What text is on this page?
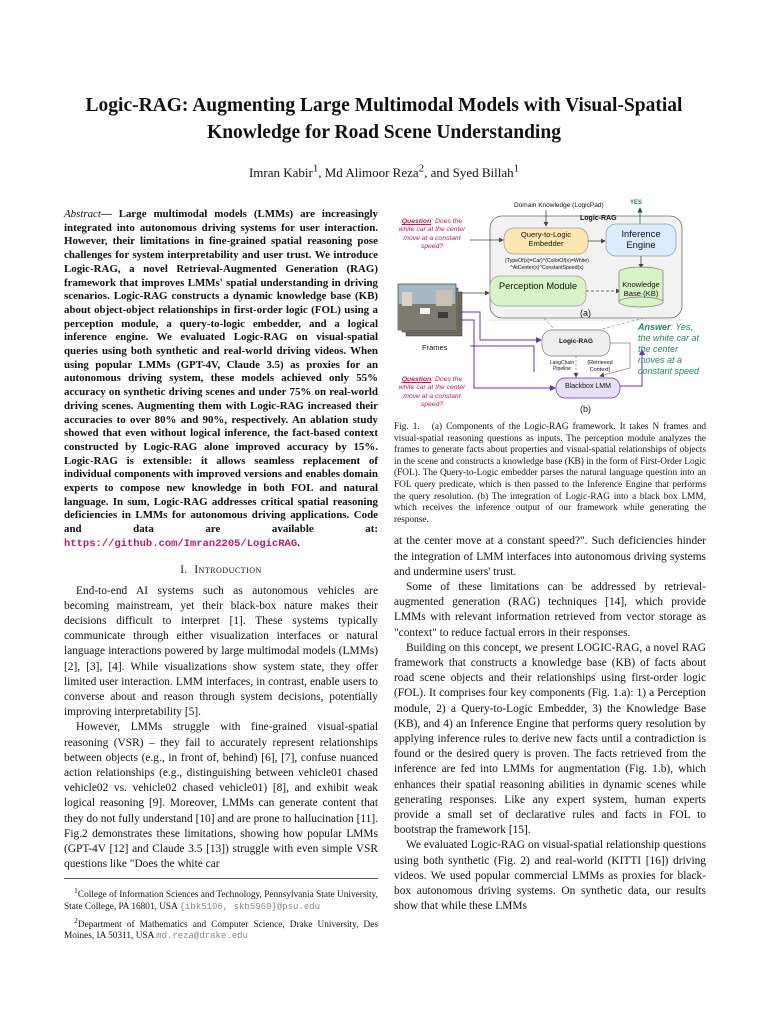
Logic-RAG: Augmenting Large Multimodal Models with Visual-Spatial Knowledge for Road Scene Understanding
Imran Kabir$^1$, Md Alimoor Reza$^2$, and Syed Billah$^1$
Abstract— Large multimodal models (LMMs) are increasingly integrated into autonomous driving systems for user interaction. However, their limitations in fine-grained spatial reasoning pose challenges for system interpretability and user trust. We introduce Logic-RAG, a novel Retrieval-Augmented Generation (RAG) framework that improves LMMs' spatial understanding in driving scenarios. Logic-RAG constructs a dynamic knowledge base (KB) about object-object relationships in first-order logic (FOL) using a perception module, a query-to-logic embedder, and a logical inference engine. We evaluated Logic-RAG on visual-spatial queries using both synthetic and real-world driving videos. When using popular LMMs (GPT-4V, Claude 3.5) as proxies for an autonomous driving system, these models achieved only 55% accuracy on synthetic driving scenes and under 75% on real-world driving scenes. Augmenting them with Logic-RAG increased their accuracies to over 80% and 90%, respectively. An ablation study showed that even without logical inference, the fact-based context constructed by Logic-RAG alone improved accuracy by 15%. Logic-RAG is extensible: it allows seamless replacement of individual components with improved versions and enables domain experts to compose new knowledge in both FOL and natural language. In sum, Logic-RAG addresses critical spatial reasoning deficiencies in LMMs for autonomous driving applications. Code and data are available at: https://github.com/Imran2205/LogicRAG.
I. Introduction

End-to-end AI systems such as autonomous vehicles are becoming mainstream, yet their black-box nature makes their decisions difficult to interpret [1]. These systems typically communicate through either visualization interfaces or natural language interactions powered by large multimodal models (LMMs) [2], [3], [4]. While visualizations show system state, they offer limited user interaction. LMM interfaces, in contrast, enable users to converse about and reason through system decisions, potentially improving interpretability [5].

However, LMMs struggle with fine-grained visual-spatial reasoning (VSR) – they fail to accurately represent relationships between objects (e.g., in front of, behind) [6], [7], confuse nuanced action relationships (e.g., distinguishing between vehicle01 chased vehicle02 vs. vehicle02 chased vehicle01) [8], and exhibit weak logical reasoning [9]. Moreover, LMMs can generate content that they do not fully understand [10] and are prone to hallucination [11]. Fig.2 demonstrates these limitations, showing how popular LMMs (GPT-4V [12] and Claude 3.5 [13]) struggle with even simple VSR questions like "Does the white car

$^1$College of Information Sciences and Technology, Pennsylvania State University, State College, PA 16801, USA {ibk5106, skb5969}@psu.edu

$^2$Department of Mathematics and Computer Science, Drake University, Des Moines, IA 50311, USA md.reza@drake.edu

Domain Knowledge (LogicPad)	YES
Logic-RAG
Question: Does the white car at the center move at a constant speed?
Query-to-Logic Embedder
Inference Engine
(TypeOf(x)=Car)^(ColorOf(x)=White)
^AtCenter(x)^ConstantSpeed(x)
Perception Module	Knowledge Base (KB)
(a)
Frames
Logic-RAG
Answer: Yes, the white car at the center moves at a constant speed
LangChain Pipeline
{Retrieved Context}
Blackbox LMM
Question: Does the white car at the center move at a constant speed?	(b)
Fig. 1. (a) Components of the Logic-RAG framework. It takes N frames and visual-spatial reasoning questions as inputs. The perception module analyzes the frames to generate facts about properties and visual-spatial relationships of objects in the scene and constructs a knowledge base (KB) in the form of First-Order Logic (FOL). The Query-to-Logic embedder parses the natural language question into an FOL query predicate, which is then passed to the Inference Engine that performs the query resolution. (b) The integration of Logic-RAG into a black box LMM, which receives the inference output of our framework while generating the response.

at the center move at a constant speed?". Such deficiencies hinder the integration of LMM interfaces into autonomous driving systems and undermine users' trust.

Some of these limitations can be addressed by retrieval-augmented generation (RAG) techniques [14], which provide LMMs with relevant information retrieved from vector storage as "context" to reduce factual errors in their responses.

Building on this concept, we present LOGIC-RAG, a novel RAG framework that constructs a knowledge base (KB) of facts about road scene objects and their relationships using first-order logic (FOL). It comprises four key components (Fig. 1.a): 1) a Perception module, 2) a Query-to-Logic Embedder, 3) the Knowledge Base (KB), and 4) an Inference Engine that performs query resolution by applying inference rules to derive new facts until a contradiction is found or the desired query is proven. The facts retrieved from the inference are fed into LMMs for augmentation (Fig. 1.b), which enhances their spatial reasoning abilities in dynamic scenes while generating responses. Like any expert system, human experts provide a small set of declarative rules and facts in FOL to bootstrap the framework [15].

We evaluated Logic-RAG on visual-spatial relationship questions using both synthetic (Fig. 2) and real-world (KITTI [16]) driving videos. We used popular commercial LMMs as proxies for black-box autonomous driving systems. On synthetic data, our results show that while these LMMs
